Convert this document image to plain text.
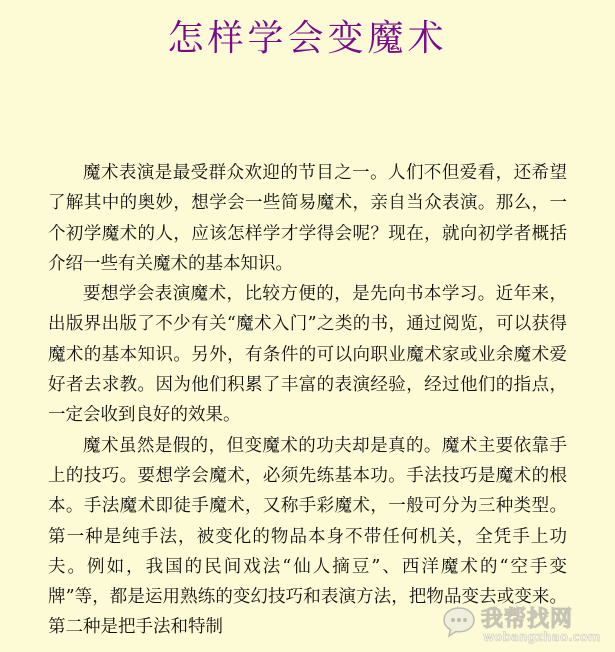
怎样学会变魔术

魔术表演是最受群众欢迎的节目之一。人们不但爱看，还希望了解其中的奥妙，想学会一些简易魔术，亲自当众表演。那么，一个初学魔术的人，应该怎样学才学得会呢？现在，就向初学者概括介绍一些有关魔术的基本知识。

要想学会表演魔术，比较方便的，是先向书本学习。近年来，出版界出版了不少有关“魔术入门”之类的书，通过阅览，可以获得魔术的基本知识。另外，有条件的可以向职业魔术家或业余魔术爱好者去求教。因为他们积累了丰富的表演经验，经过他们的指点，一定会收到良好的效果。

魔术虽然是假的，但变魔术的功夫却是真的。魔术主要依靠手上的技巧。要想学会魔术，必须先练基本功。手法技巧是魔术的根本。手法魔术即徒手魔术，又称手彩魔术，一般可分为三种类型。第一种是纯手法，被变化的物品本身不带任何机关，全凭手上功夫。例如，我国的民间戏法“仙人摘豆”、西洋魔术的“空手变牌”等，都是运用熟练的变幻技巧和表演方法，把物品变去或变来。第二种是把手法和特制	我帮找网
wobangzhao.com
